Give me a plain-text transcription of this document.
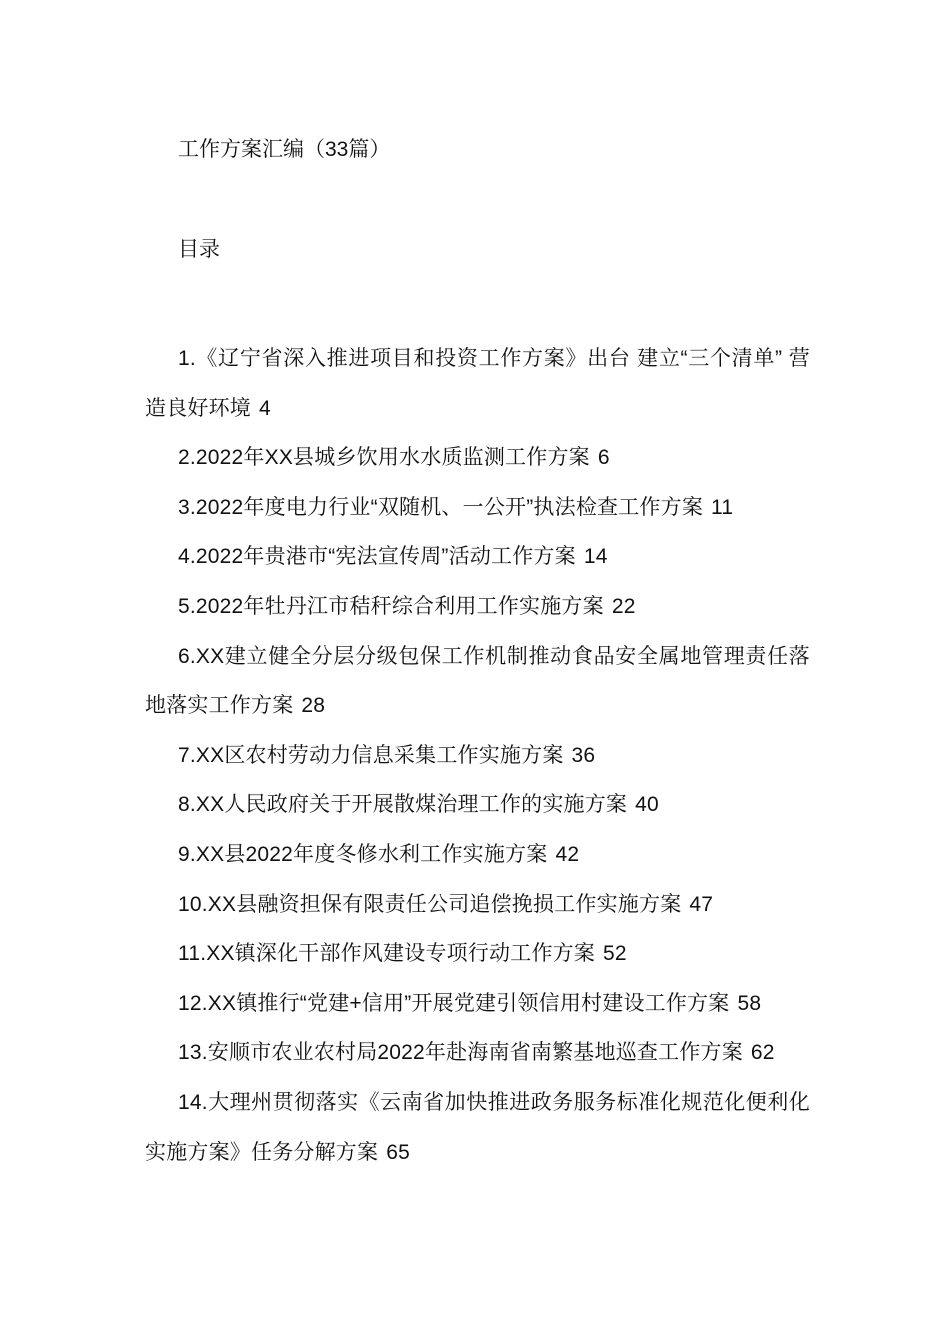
工作方案汇编（33篇）
目录
1.《辽宁省深入推进项目和投资工作方案》出台 建立“三个清单” 营造良好环境 4
2.2022年XX县城乡饮用水水质监测工作方案 6
3.2022年度电力行业“双随机、一公开”执法检查工作方案 11
4.2022年贵港市“宪法宣传周”活动工作方案 14
5.2022年牡丹江市秸秆综合利用工作实施方案 22
6.XX建立健全分层分级包保工作机制推动食品安全属地管理责任落地落实工作方案 28
7.XX区农村劳动力信息采集工作实施方案 36
8.XX人民政府关于开展散煤治理工作的实施方案 40
9.XX县2022年度冬修水利工作实施方案 42
10.XX县融资担保有限责任公司追偿挽损工作实施方案 47
11.XX镇深化干部作风建设专项行动工作方案 52
12.XX镇推行“党建+信用”开展党建引领信用村建设工作方案 58
13.安顺市农业农村局2022年赴海南省南繁基地巡查工作方案 62
14.大理州贯彻落实《云南省加快推进政务服务标准化规范化便利化实施方案》任务分解方案 65
